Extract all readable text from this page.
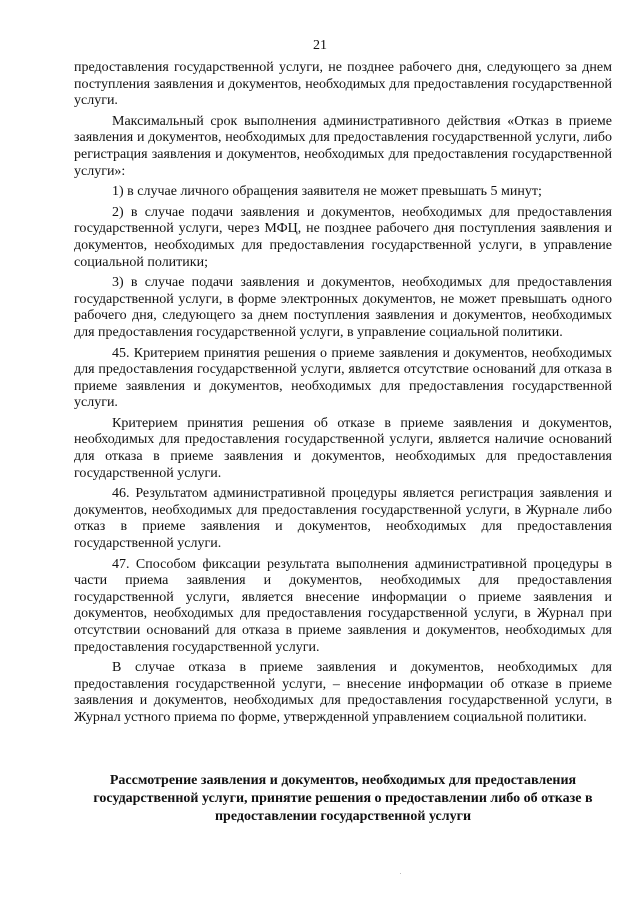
21

предоставления государственной услуги, не позднее рабочего дня, следующего за днем поступления заявления и документов, необходимых для предоставления государственной услуги.

Максимальный срок выполнения административного действия «Отказ в приеме заявления и документов, необходимых для предоставления государственной услуги, либо регистрация заявления и документов, необходимых для предоставления государственной услуги»:

1) в случае личного обращения заявителя не может превышать 5 минут;

2) в случае подачи заявления и документов, необходимых для предоставления государственной услуги, через МФЦ, не позднее рабочего дня поступления заявления и документов, необходимых для предоставления государственной услуги, в управление социальной политики;

3) в случае подачи заявления и документов, необходимых для предоставления государственной услуги, в форме электронных документов, не может превышать одного рабочего дня, следующего за днем поступления заявления и документов, необходимых для предоставления государственной услуги, в управление социальной политики.

45. Критерием принятия решения о приеме заявления и документов, необходимых для предоставления государственной услуги, является отсутствие оснований для отказа в приеме заявления и документов, необходимых для предоставления государственной услуги.

Критерием принятия решения об отказе в приеме заявления и документов, необходимых для предоставления государственной услуги, является наличие оснований для отказа в приеме заявления и документов, необходимых для предоставления государственной услуги.

46. Результатом административной процедуры является регистрация заявления и документов, необходимых для предоставления государственной услуги, в Журнале либо отказ в приеме заявления и документов, необходимых для предоставления государственной услуги.

47. Способом фиксации результата выполнения административной процедуры в части приема заявления и документов, необходимых для предоставления государственной услуги, является внесение информации о приеме заявления и документов, необходимых для предоставления государственной услуги, в Журнал при отсутствии оснований для отказа в приеме заявления и документов, необходимых для предоставления государственной услуги.

В случае отказа в приеме заявления и документов, необходимых для предоставления государственной услуги, – внесение информации об отказе в приеме заявления и документов, необходимых для предоставления государственной услуги, в Журнал устного приема по форме, утвержденной управлением социальной политики.

Рассмотрение заявления и документов, необходимых для предоставления государственной услуги, принятие решения о предоставлении либо об отказе в предоставлении государственной услуги
